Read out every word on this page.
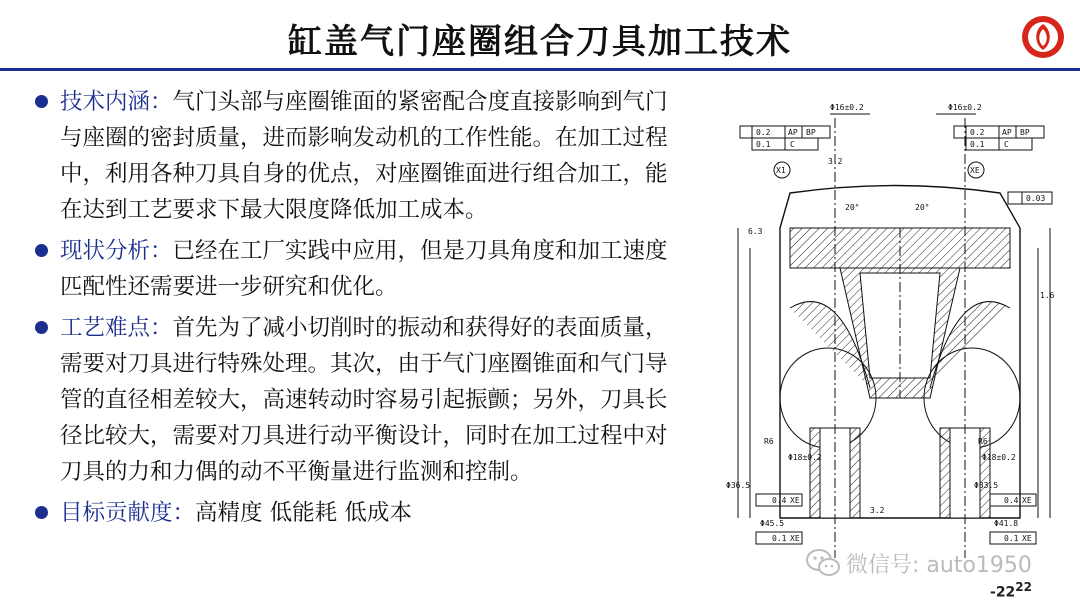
缸盖气门座圈组合刀具加工技术
技术内涵：气门头部与座圈锥面的紧密配合度直接影响到气门与座圈的密封质量，进而影响发动机的工作性能。在加工过程中，利用各种刀具自身的优点，对座圈锥面进行组合加工，能在达到工艺要求下最大限度降低加工成本。
现状分析：已经在工厂实践中应用，但是刀具角度和加工速度匹配性还需要进一步研究和优化。
工艺难点：首先为了减小切削时的振动和获得好的表面质量，需要对刀具进行特殊处理。其次，由于气门座圈锥面和气门导管的直径相差较大，高速转动时容易引起振颤；另外，刀具长径比较大，需要对刀具进行动平衡设计，同时在加工过程中对刀具的力和力偶的动不平衡量进行监测和控制。
目标贡献度：高精度 低能耗 低成本
0.2 AP BP
0.1 C
0.2 AP BP
0.1 C
Φ16±0.2	Φ16±0.2
X1	XE
0.03
20°	20°
6.3
3.2
3.2
1.6
R6
Φ18±0.2
R6
Φ18±0.2
Φ36.5	Φ33.5
0.4 XE	0.4 XE
Φ45.5	Φ41.8
0.1 XE	0.1 XE
微信号: auto1950
$-22^{22}$
